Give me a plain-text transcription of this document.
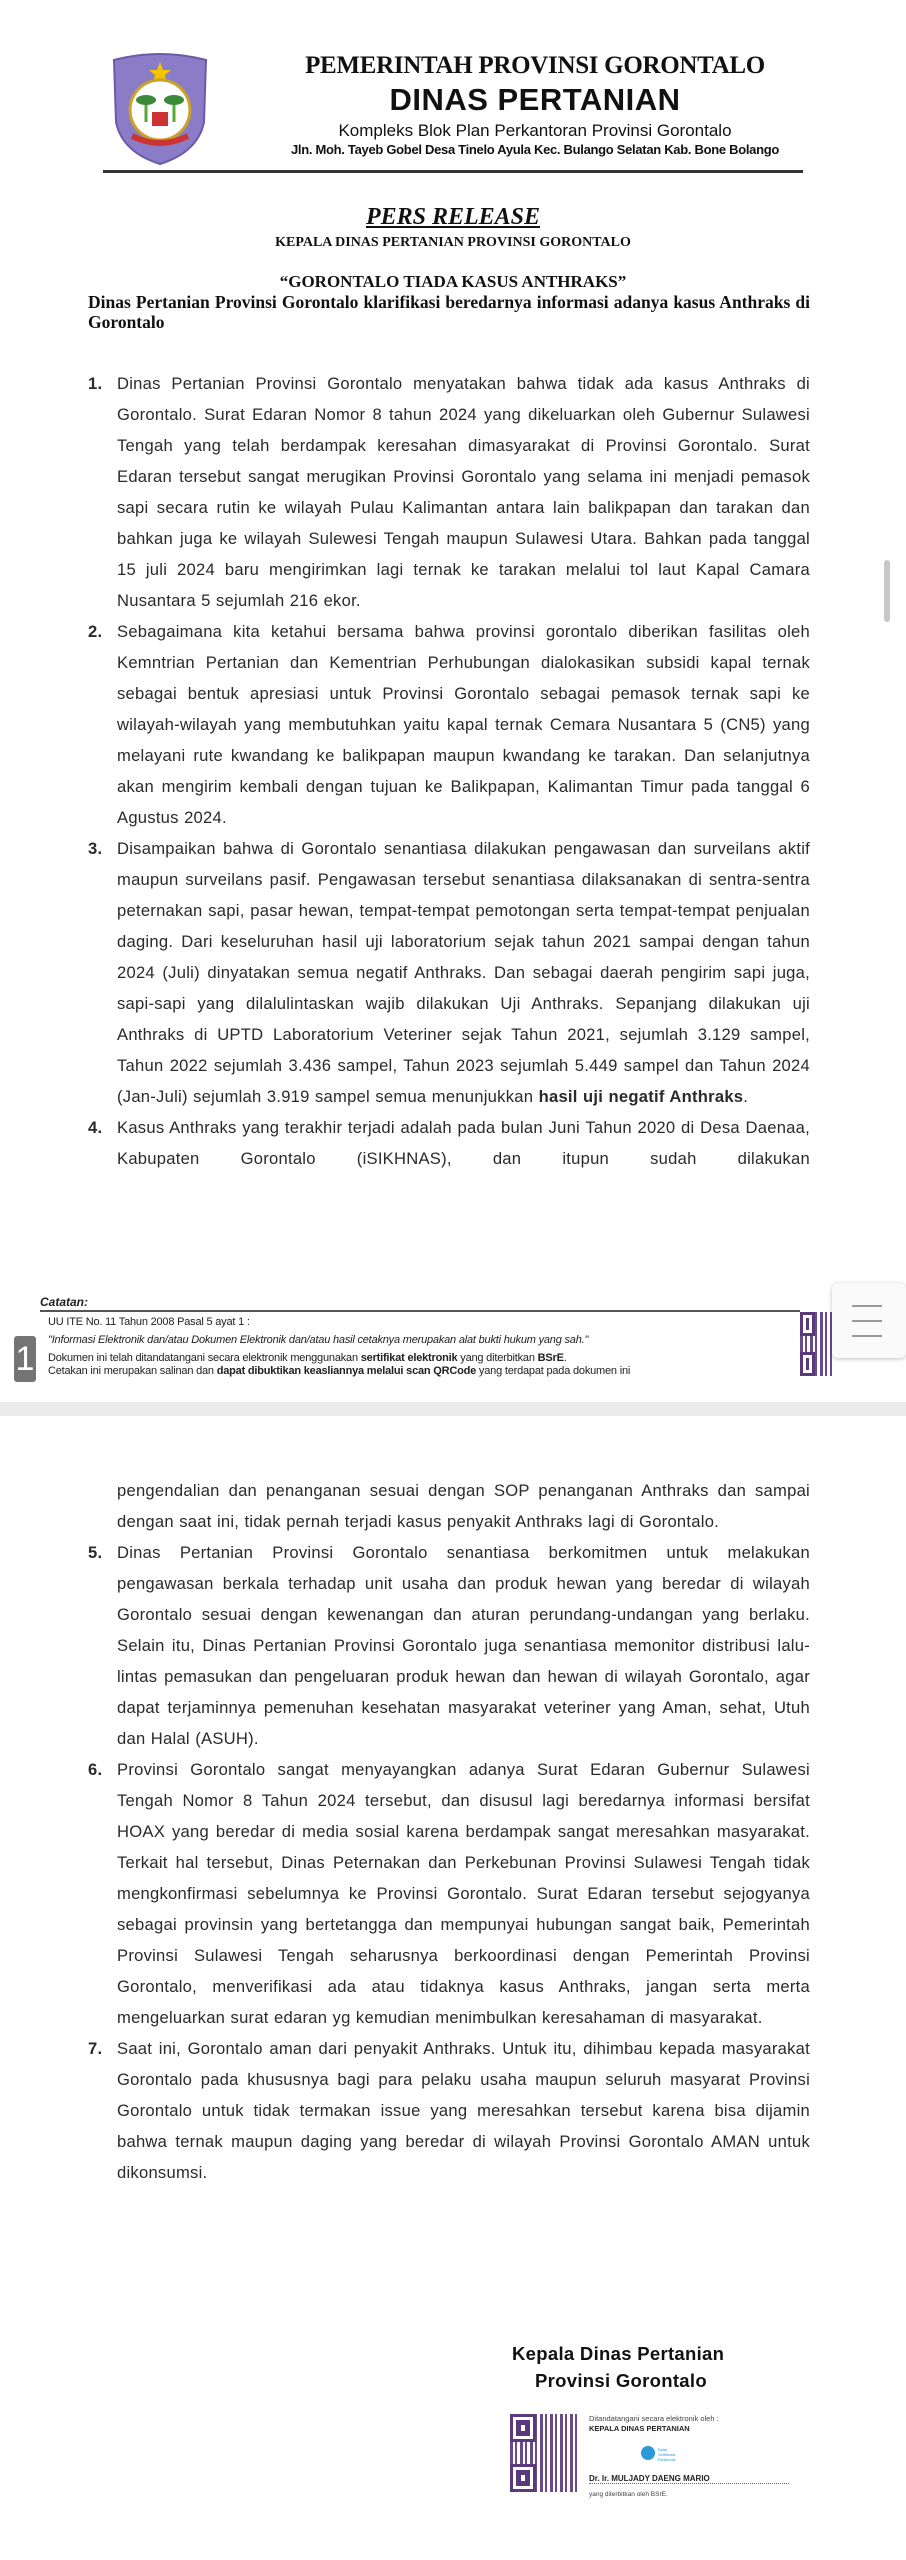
PEMERINTAH PROVINSI GORONTALO
DINAS PERTANIAN
Kompleks Blok Plan Perkantoran Provinsi Gorontalo
Jln. Moh. Tayeb Gobel Desa Tinelo Ayula Kec. Bulango Selatan Kab. Bone Bolango
PERS RELEASE
KEPALA DINAS PERTANIAN PROVINSI GORONTALO
“GORONTALO TIADA KASUS ANTHRAKS”
Dinas Pertanian Provinsi Gorontalo klarifikasi beredarnya informasi adanya kasus Anthraks di Gorontalo
1. Dinas Pertanian Provinsi Gorontalo menyatakan bahwa tidak ada kasus Anthraks di Gorontalo. Surat Edaran Nomor 8 tahun 2024 yang dikeluarkan oleh Gubernur Sulawesi Tengah yang telah berdampak keresahan dimasyarakat di Provinsi Gorontalo. Surat Edaran tersebut sangat merugikan Provinsi Gorontalo yang selama ini menjadi pemasok sapi secara rutin ke wilayah Pulau Kalimantan antara lain balikpapan dan tarakan dan bahkan juga ke wilayah Sulewesi Tengah maupun Sulawesi Utara. Bahkan pada tanggal 15 juli 2024 baru mengirimkan lagi ternak ke tarakan melalui tol laut Kapal Camara Nusantara 5 sejumlah 216 ekor.
2. Sebagaimana kita ketahui bersama bahwa provinsi gorontalo diberikan fasilitas oleh Kemntrian Pertanian dan Kementrian Perhubungan dialokasikan subsidi kapal ternak sebagai bentuk apresiasi untuk Provinsi Gorontalo sebagai pemasok ternak sapi ke wilayah-wilayah yang membutuhkan yaitu kapal ternak Cemara Nusantara 5 (CN5) yang melayani rute kwandang ke balikpapan maupun kwandang ke tarakan. Dan selanjutnya akan mengirim kembali dengan tujuan ke Balikpapan, Kalimantan Timur pada tanggal 6 Agustus 2024.
3. Disampaikan bahwa di Gorontalo senantiasa dilakukan pengawasan dan surveilans aktif maupun surveilans pasif. Pengawasan tersebut senantiasa dilaksanakan di sentra-sentra peternakan sapi, pasar hewan, tempat-tempat pemotongan serta tempat-tempat penjualan daging. Dari keseluruhan hasil uji laboratorium sejak tahun 2021 sampai dengan tahun 2024 (Juli) dinyatakan semua negatif Anthraks. Dan sebagai daerah pengirim sapi juga, sapi-sapi yang dilalulintaskan wajib dilakukan Uji Anthraks. Sepanjang dilakukan uji Anthraks di UPTD Laboratorium Veteriner sejak Tahun 2021, sejumlah 3.129 sampel, Tahun 2022 sejumlah 3.436 sampel, Tahun 2023 sejumlah 5.449 sampel dan Tahun 2024 (Jan-Juli) sejumlah 3.919 sampel semua menunjukkan hasil uji negatif Anthraks.
4. Kasus Anthraks yang terakhir terjadi adalah pada bulan Juni Tahun 2020 di Desa Daenaa, Kabupaten Gorontalo (iSIKHNAS), dan itupun sudah dilakukan
Catatan:
UU ITE No. 11 Tahun 2008 Pasal 5 ayat 1 :
"Informasi Elektronik dan/atau Dokumen Elektronik dan/atau hasil cetaknya merupakan alat bukti hukum yang sah."
Dokumen ini telah ditandatangani secara elektronik menggunakan sertifikat elektronik yang diterbitkan BSrE.
Cetakan ini merupakan salinan dan dapat dibuktikan keasliannya melalui scan QRCode yang terdapat pada dokumen ini
1
pengendalian dan penanganan sesuai dengan SOP penanganan Anthraks dan sampai dengan saat ini, tidak pernah terjadi kasus penyakit Anthraks lagi di Gorontalo.
5. Dinas Pertanian Provinsi Gorontalo senantiasa berkomitmen untuk melakukan pengawasan berkala terhadap unit usaha dan produk hewan yang beredar di wilayah Gorontalo sesuai dengan kewenangan dan aturan perundang-undangan yang berlaku. Selain itu, Dinas Pertanian Provinsi Gorontalo juga senantiasa memonitor distribusi lalu-lintas pemasukan dan pengeluaran produk hewan dan hewan di wilayah Gorontalo, agar dapat terjaminnya pemenuhan kesehatan masyarakat veteriner yang Aman, sehat, Utuh dan Halal (ASUH).
6. Provinsi Gorontalo sangat menyayangkan adanya Surat Edaran Gubernur Sulawesi Tengah Nomor 8 Tahun 2024 tersebut, dan disusul lagi beredarnya informasi bersifat HOAX yang beredar di media sosial karena berdampak sangat meresahkan masyarakat. Terkait hal tersebut, Dinas Peternakan dan Perkebunan Provinsi Sulawesi Tengah tidak mengkonfirmasi sebelumnya ke Provinsi Gorontalo. Surat Edaran tersebut sejogyanya sebagai provinsin yang bertetangga dan mempunyai hubungan sangat baik, Pemerintah Provinsi Sulawesi Tengah seharusnya berkoordinasi dengan Pemerintah Provinsi Gorontalo, menverifikasi ada atau tidaknya kasus Anthraks, jangan serta merta mengeluarkan surat edaran yg kemudian menimbulkan keresahaman di masyarakat.
7. Saat ini, Gorontalo aman dari penyakit Anthraks. Untuk itu, dihimbau kepada masyarakat Gorontalo pada khususnya bagi para pelaku usaha maupun seluruh masyarat Provinsi Gorontalo untuk tidak termakan issue yang meresahkan tersebut karena bisa dijamin bahwa ternak maupun daging yang beredar di wilayah Provinsi Gorontalo AMAN untuk dikonsumsi.
Kepala Dinas Pertanian
Provinsi Gorontalo
Ditandatangani secara elektronik oleh :
KEPALA DINAS PERTANIAN
Balai Sertifikasi Elektronik
Dr. Ir. MULJADY DAENG MARIO
yang diterbitkan oleh BSrE.
